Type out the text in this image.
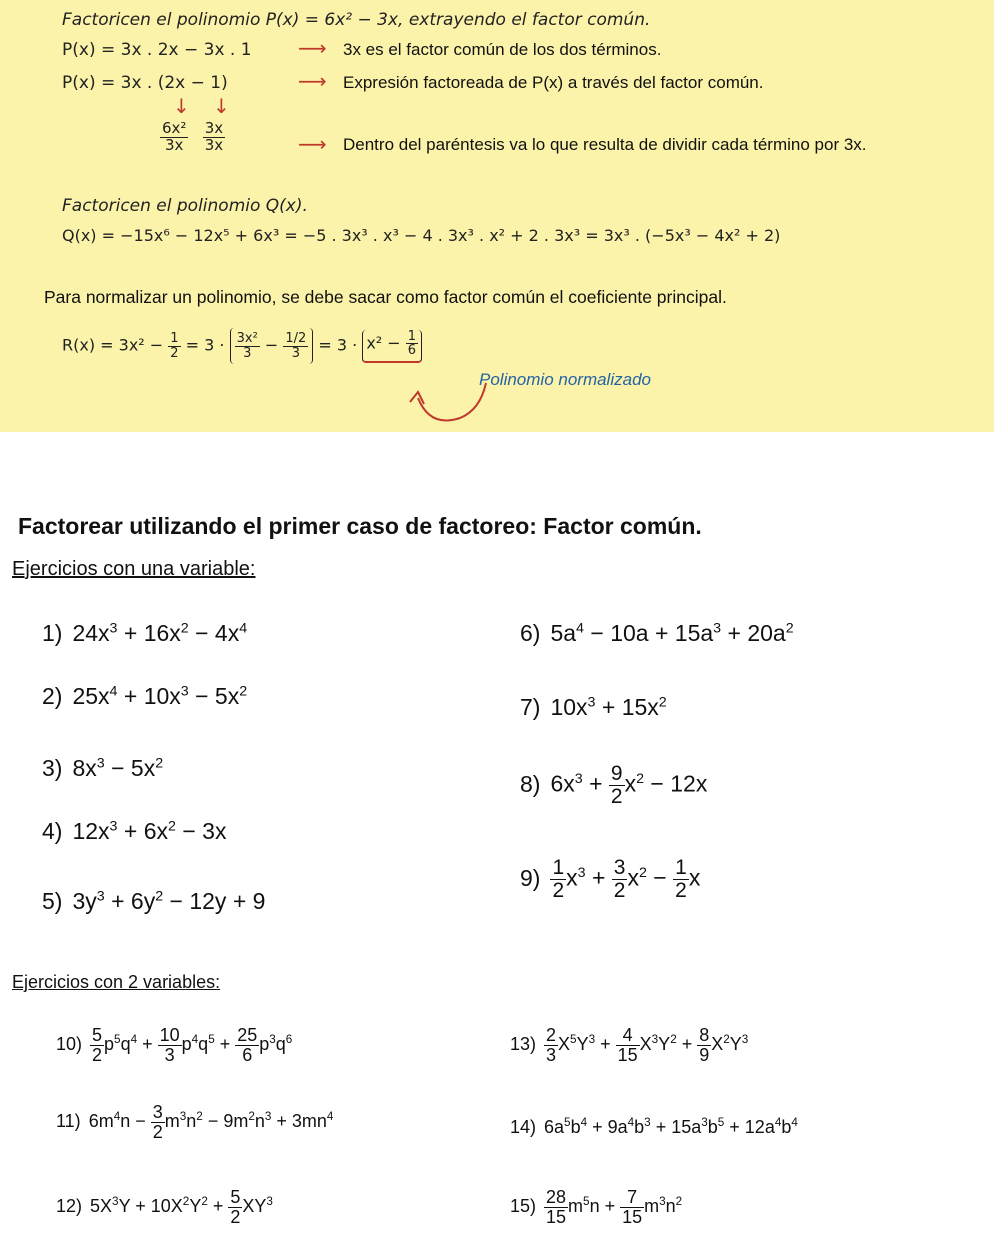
Factoricen el polinomio P(x) = 6x² − 3x, extrayendo el factor común.
P(x) = 3x . 2x − 3x . 1 ⟶ 3x es el factor común de los dos términos.
P(x) = 3x . (2x − 1)	⟶ Expresión factoreada de P(x) a través del factor común.
↓ ↓
$\frac{\text{6x²}}{3x}$
$\frac{3x}{3x}$	⟶ Dentro del paréntesis va lo que resulta de dividir cada término por 3x.
Factoricen el polinomio Q(x).
Q(x) = −15x⁶ − 12x⁵ + 6x³ = −5 . 3x³ . x³ − 4 . 3x³ . x² + 2 . 3x³ = 3x³ . (−5x³ − 4x² + 2)
Para normalizar un polinomio, se debe sacar como factor común el coeficiente principal.
$R(x) = 3x^2 - \frac{1}{2} = 3 \cdot \frac{\text{3x²}}{3} - \frac{1/2}{3} = 3 \cdot x^2 - \frac{1}{6}$
Polinomio normalizado
Factorear utilizando el primer caso de factoreo: Factor común.
Ejercicios con una variable:
1) $24x^3 + 16x^2 - 4x^4$
2) $25x^4 + 10x^3 - 5x^2$
3) $8x^3 - 5x^2$
4) $12x^3 + 6x^2 - 3x$
5) $3y^3 + 6y^2 - 12y + 9$
6) $5a^4 - 10a + 15a^3 + 20a^2$
7) $10x^3 + 15x^2$
8) $6x^3 + \frac{9}{2} x^2 - 12x$
$9) \frac{1}{2} x^3 + \frac{3}{2} x^2 - \frac{1}{2}$ x
Ejercicios con 2 variables:
$10) \frac{5}{2} p^5q^4 + \frac{10}{3} p^4q^5 + \frac{25}{6} p^3q^6$
11) $6m^4n - \frac{3}{2} m^3n^2 - 9m^2n^3 + 3mn^4$
12) $5X^3Y + 10X^2Y^2 + \frac{5}{2} XY^3$
$13) \frac{2}{3} X^5Y^3 + \frac{4}{15} X^3Y^2 + \frac{8}{9} X^2Y^3$
14) $6a^5b^4 + 9a^4b^3 + 15a^3b^5 + 12a^4b^4$
$15) \frac{28}{15} m^5n + \frac{7}{15} m^3n^2$
